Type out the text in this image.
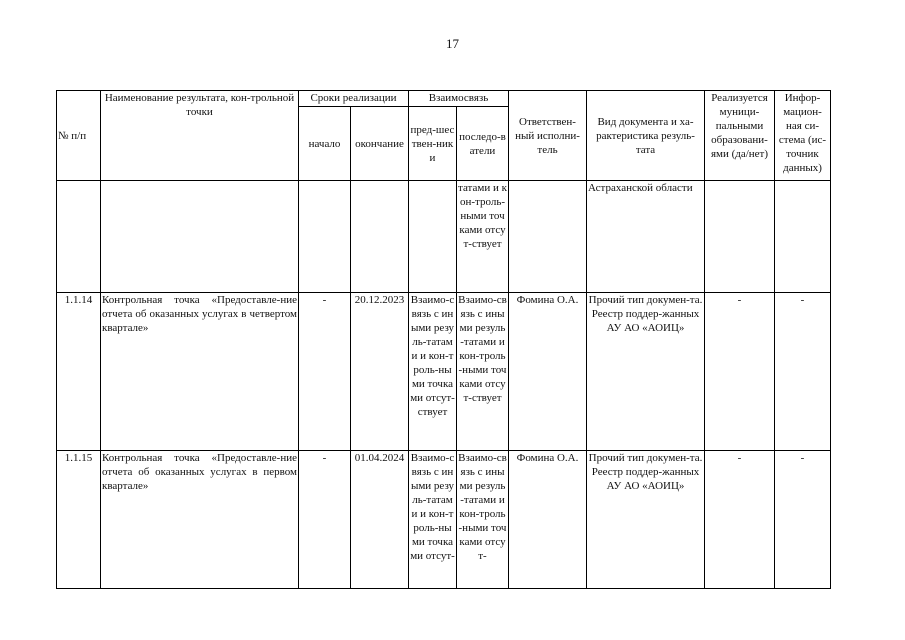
17
№ п/п	Наименование результата, кон-трольной точки	Сроки реализации		Взаимосвязь		Ответствен-ный исполни-тель	Вид документа и ха-рактеристика резуль-тата	Реализуется муници-пальными образовани-ями (да/нет)	Инфор-мацион-ная си-стема (ис-точник данных)
		начало	окончание	пред-шествен-ники	последо-ватели				
					татами и кон-троль-ными точками отсут-ствует		Астраханской области		
1.1.14	Контрольная точка «Предоставле-ние отчета об оказанных услугах в четвертом квартале»	-	20.12.2023	Взаимо-связь с иными резуль-татами и кон-троль-ными точками отсут-ствует	Взаимо-связь с иными резуль-татами и кон-троль-ными точками отсут-ствует	Фомина О.А.	Прочий тип докумен-та. Реестр поддер-жанных АУ АО «АОИЦ»	-	-
1.1.15	Контрольная точка «Предоставле-ние отчета об оказанных услугах в первом квартале»	-	01.04.2024	Взаимо-связь с иными резуль-татами и кон-троль-ными точками отсут-	Взаимо-связь с иными резуль-татами и кон-троль-ными точками отсут-	Фомина О.А.	Прочий тип докумен-та. Реестр поддер-жанных АУ АО «АОИЦ»	-	-
